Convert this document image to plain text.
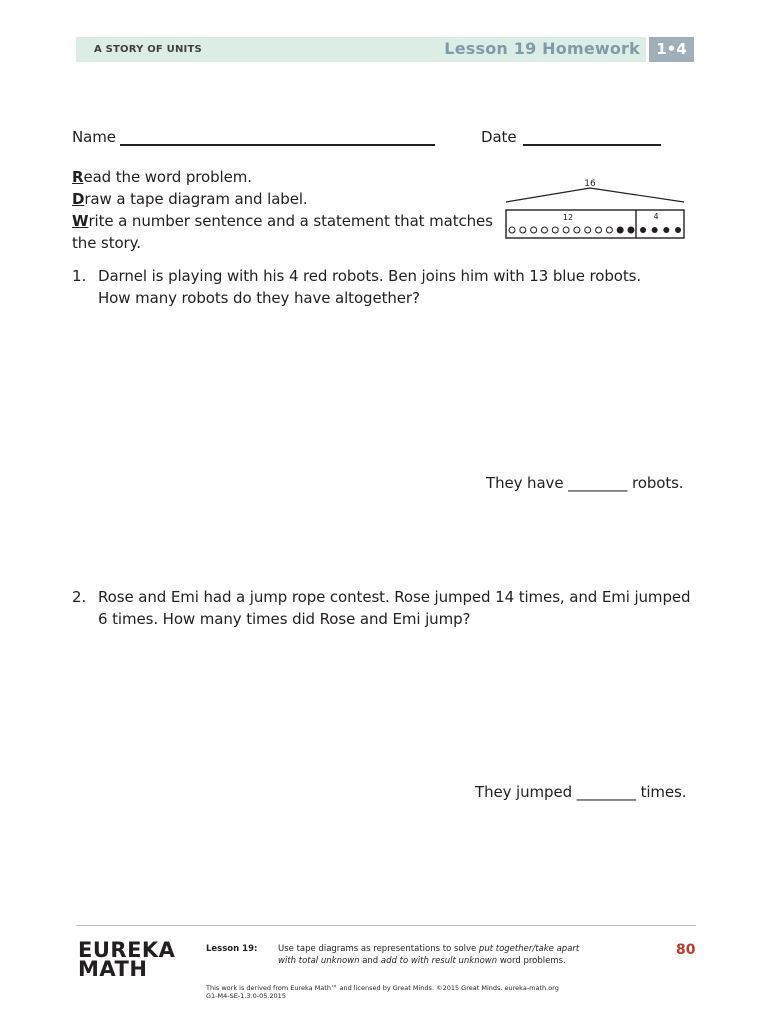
A STORY OF UNITS	Lesson 19 Homework	1•4
Name	Date
Read the word problem.
Draw a tape diagram and label.
Write a number sentence and a statement that matches
the story.
16
12	4
1. Darnel is playing with his 4 red robots. Ben joins him with 13 blue robots.
How many robots do they have altogether?
They have ________ robots.
2. Rose and Emi had a jump rope contest. Rose jumped 14 times, and Emi jumped
6 times. How many times did Rose and Emi jump?
They jumped ________ times.
EUREKA
MATH
Lesson 19: Use tape diagrams as representations to solve put together/take apart
with total unknown and add to with result unknown word problems.
80
This work is derived from Eureka Math™ and licensed by Great Minds. ©2015 Great Minds. eureka-math.org
G1-M4-SE-1.3.0-05.2015
